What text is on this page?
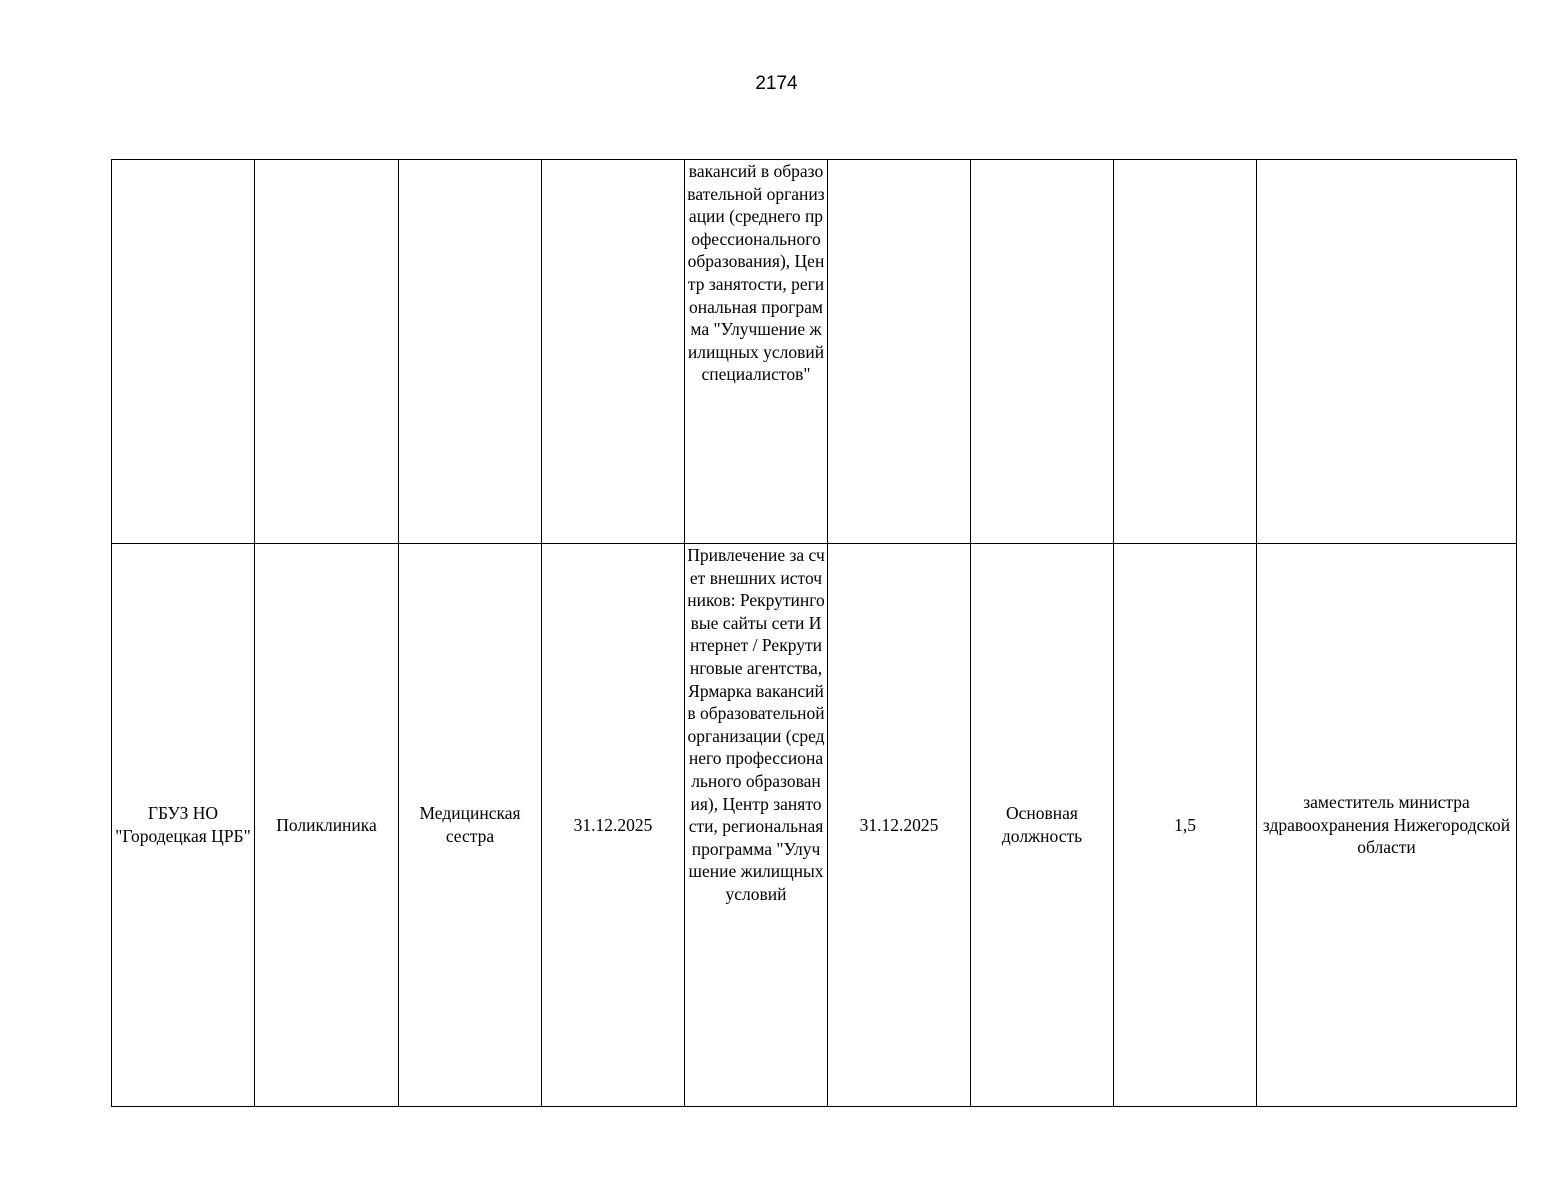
2174

				вакансий в образовательной организации (среднего профессионального образования), Центр занятости, региональная программа "Улучшение жилищных условий специалистов"				

ГБУЗ НО "Городецкая ЦРБ"	Поликлиника	Медицинская сестра	31.12.2025	Привлечение за счет внешних источников: Рекрутинговые сайты сети Интернет / Рекрутинговые агентства, Ярмарка вакансий в образовательной организации (среднего профессионального образования), Центр занятости, региональная программа "Улучшение жилищных условий	31.12.2025	Основная должность	1,5	заместитель министра здравоохранения Нижегородской области
